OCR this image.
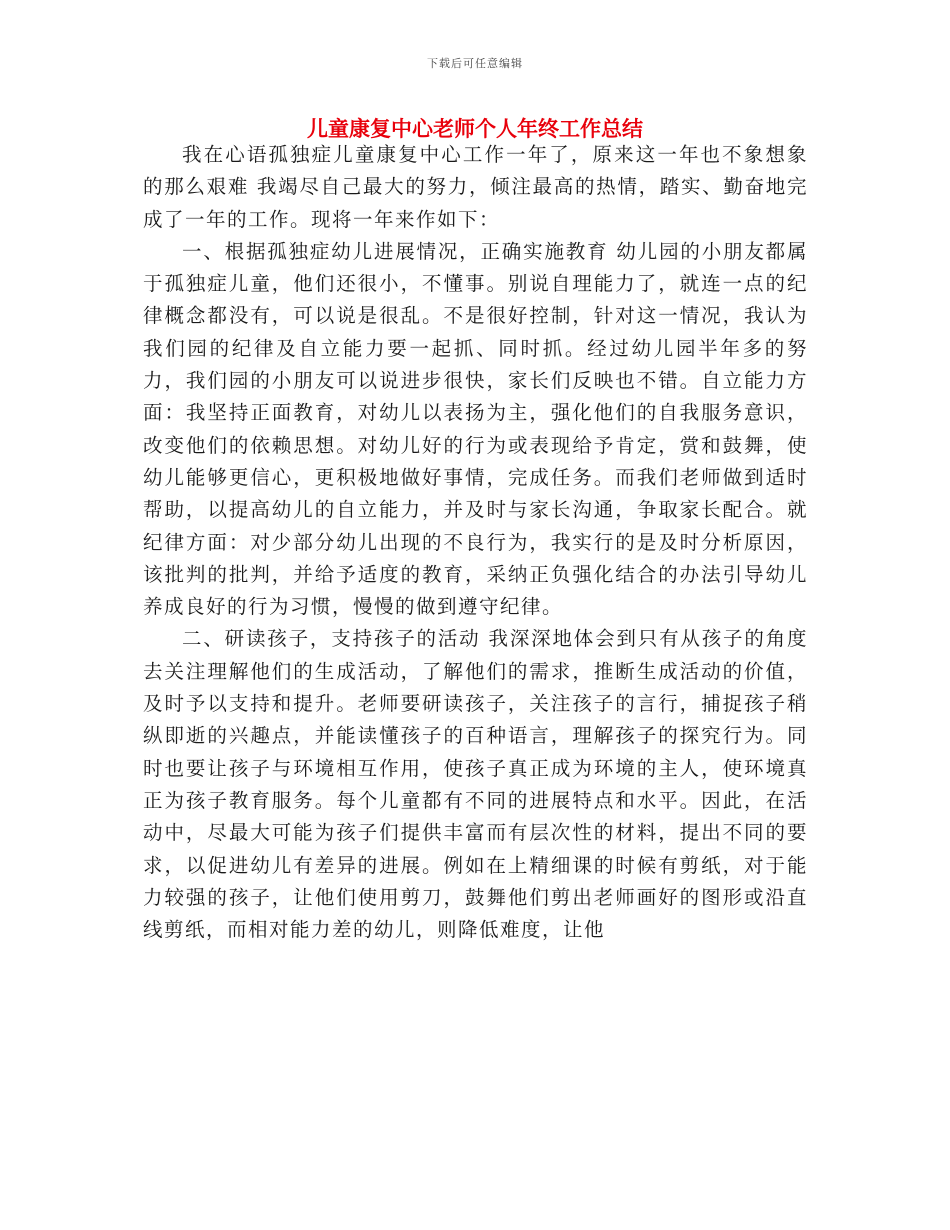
下载后可任意编辑
儿童康复中心老师个人年终工作总结

我在心语孤独症儿童康复中心工作一年了，原来这一年也不象想象的那么艰难 我竭尽自己最大的努力，倾注最高的热情，踏实、勤奋地完成了一年的工作。现将一年来作如下：

一、根据孤独症幼儿进展情况，正确实施教育 幼儿园的小朋友都属于孤独症儿童，他们还很小，不懂事。别说自理能力了，就连一点的纪律概念都没有，可以说是很乱。不是很好控制，针对这一情况，我认为我们园的纪律及自立能力要一起抓、同时抓。经过幼儿园半年多的努力，我们园的小朋友可以说进步很快，家长们反映也不错。自立能力方面：我坚持正面教育，对幼儿以表扬为主，强化他们的自我服务意识，改变他们的依赖思想。对幼儿好的行为或表现给予肯定，赏和鼓舞，使幼儿能够更信心，更积极地做好事情，完成任务。而我们老师做到适时帮助，以提高幼儿的自立能力，并及时与家长沟通，争取家长配合。就纪律方面：对少部分幼儿出现的不良行为，我实行的是及时分析原因，该批判的批判，并给予适度的教育，采纳正负强化结合的办法引导幼儿养成良好的行为习惯，慢慢的做到遵守纪律。

二、研读孩子，支持孩子的活动 我深深地体会到只有从孩子的角度去关注理解他们的生成活动，了解他们的需求，推断生成活动的价值，及时予以支持和提升。老师要研读孩子，关注孩子的言行，捕捉孩子稍纵即逝的兴趣点，并能读懂孩子的百种语言，理解孩子的探究行为。同时也要让孩子与环境相互作用，使孩子真正成为环境的主人，使环境真正为孩子教育服务。每个儿童都有不同的进展特点和水平。因此，在活动中，尽最大可能为孩子们提供丰富而有层次性的材料，提出不同的要求，以促进幼儿有差异的进展。例如在上精细课的时候有剪纸，对于能力较强的孩子，让他们使用剪刀，鼓舞他们剪出老师画好的图形或沿直线剪纸，而相对能力差的幼儿，则降低难度，让他
